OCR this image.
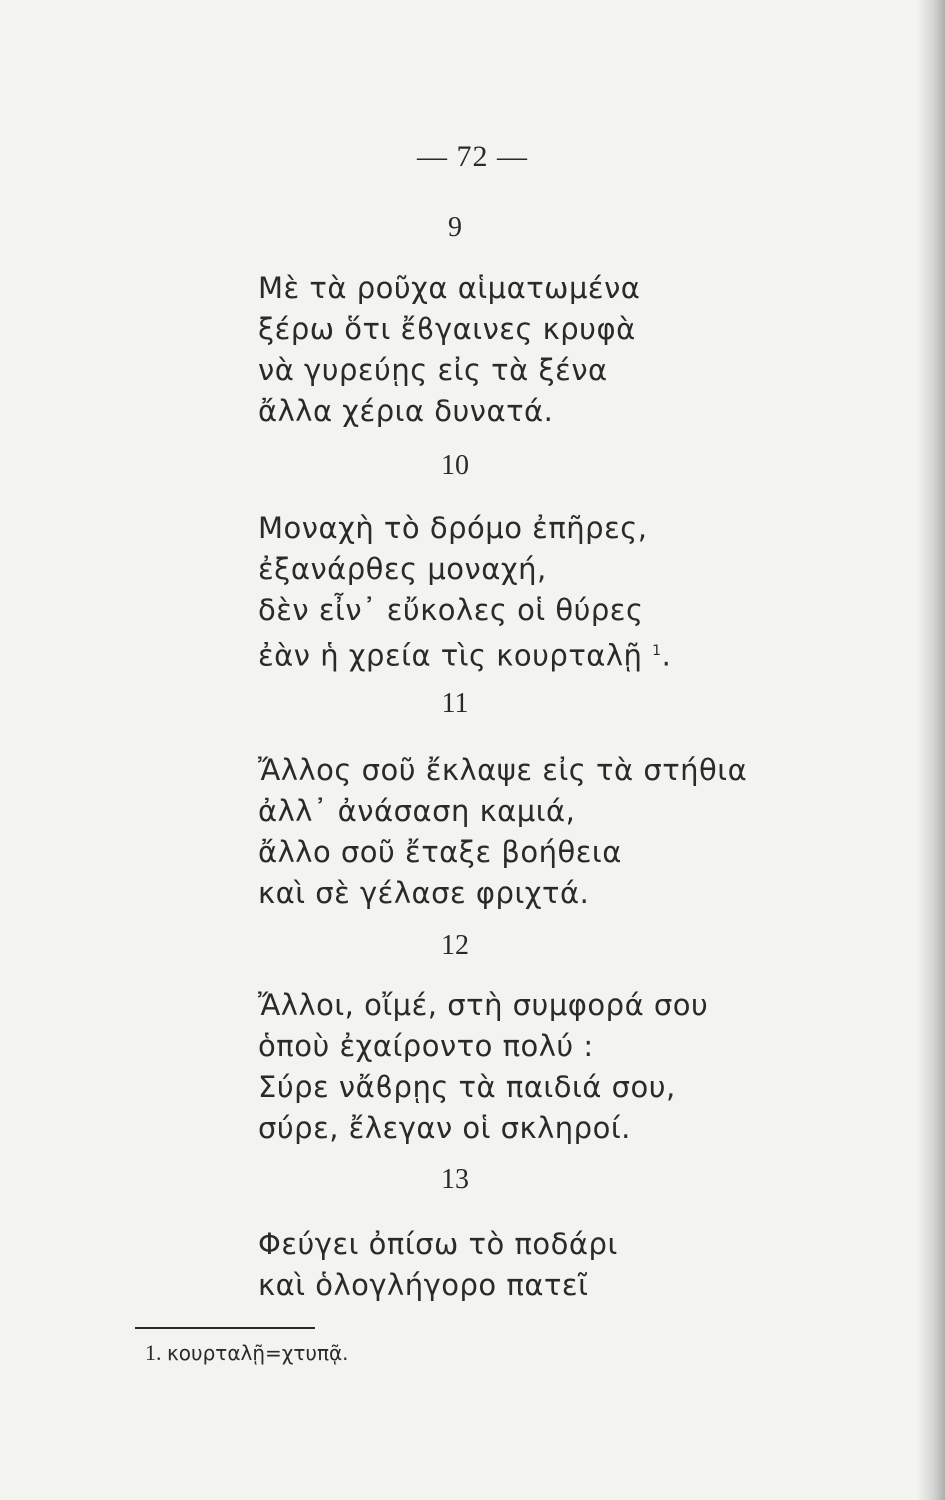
— 72 —
9
Μὲ τὰ ροῦχα αἱματωμένα
ξέρω ὅτι ἔϐγαινες κρυφὰ
νὰ γυρεύῃς εἰς τὰ ξένα
ἄλλα χέρια δυνατά.
10
Μοναχὴ τὸ δρόμο ἐπῆρες,
ἐξανάρθες μοναχή,
δὲν εἶν᾽ εὔκολες οἱ θύρες
ἐὰν ἡ χρεία τὶς κουρταλῇ $^1$.
11
Ἄλλος σοῦ ἔκλαψε εἰς τὰ στήθια
ἀλλ᾽ ἀνάσαση καμιά,
ἄλλο σοῦ ἔταξε βοήθεια
καὶ σὲ γέλασε φριχτά.
12
Ἄλλοι, οἴμέ, στὴ συμφορά σου
ὁποὺ ἐχαίροντο πολύ :
Σύρε νἄϐρῃς τὰ παιδιά σου,
σύρε, ἔλεγαν οἱ σκληροί.
13
Φεύγει ὀπίσω τὸ ποδάρι
καὶ ὁλογλήγορο πατεῖ
1. κουρταλῇ=χτυπᾷ.
